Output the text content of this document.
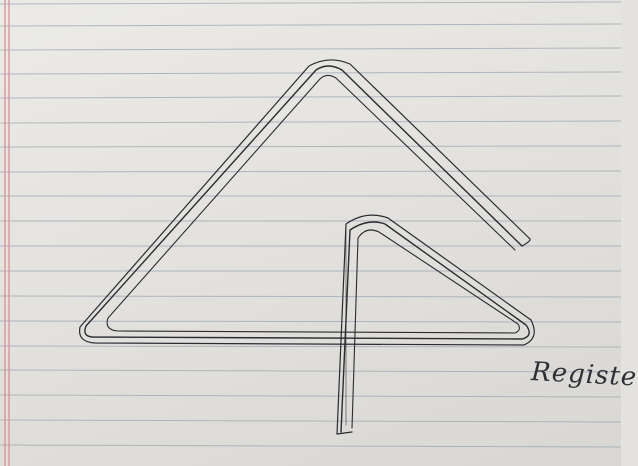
Registe
